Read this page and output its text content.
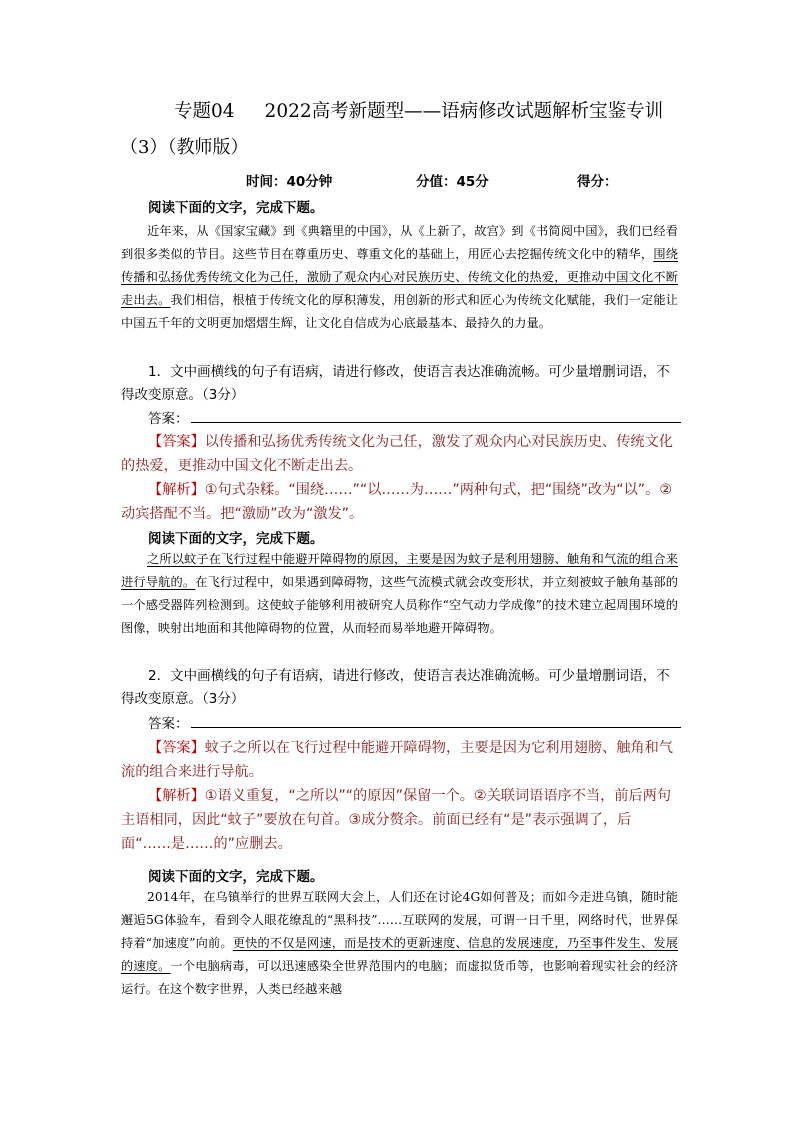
专题04 2022高考新题型——语病修改试题解析宝鉴专训
（3）（教师版）
时间：40分钟	分值：45分	得分：
阅读下面的文字，完成下题。

近年来，从《国家宝藏》到《典籍里的中国》，从《上新了，故宫》到《书简阅中国》，我们已经看到很多类似的节目。这些节目在尊重历史、尊重文化的基础上，用匠心去挖掘传统文化中的精华，围绕传播和弘扬优秀传统文化为己任，激励了观众内心对民族历史、传统文化的热爱，更推动中国文化不断走出去。我们相信，根植于传统文化的厚积薄发，用创新的形式和匠心为传统文化赋能，我们一定能让中国五千年的文明更加熠熠生辉，让文化自信成为心底最基本、最持久的力量。

1．文中画横线的句子有语病，请进行修改，使语言表达准确流畅。可少量增删词语，不得改变原意。（3分）

答案：

【答案】以传播和弘扬优秀传统文化为己任，激发了观众内心对民族历史、传统文化的热爱，更推动中国文化不断走出去。

【解析】①句式杂糅。“围绕……”“以……为……”两种句式，把“围绕”改为“以”。②动宾搭配不当。把“激励”改为“激发”。

阅读下面的文字，完成下题。

之所以蚊子在飞行过程中能避开障碍物的原因，主要是因为蚊子是利用翅膀、触角和气流的组合来进行导航的。在飞行过程中，如果遇到障碍物，这些气流模式就会改变形状，并立刻被蚊子触角基部的一个感受器阵列检测到。这使蚊子能够利用被研究人员称作“空气动力学成像”的技术建立起周围环境的图像，映射出地面和其他障碍物的位置，从而轻而易举地避开障碍物。

2．文中画横线的句子有语病，请进行修改，使语言表达准确流畅。可少量增删词语，不得改变原意。（3分）

答案：

【答案】蚊子之所以在飞行过程中能避开障碍物，主要是因为它利用翅膀、触角和气流的组合来进行导航。

【解析】①语义重复，“之所以”“的原因”保留一个。②关联词语语序不当，前后两句主语相同，因此“蚊子”要放在句首。③成分赘余。前面已经有“是”表示强调了，后面“……是……的”应删去。

阅读下面的文字，完成下题。

2014年，在乌镇举行的世界互联网大会上，人们还在讨论4G如何普及；而如今走进乌镇，随时能邂逅5G体验车，看到令人眼花缭乱的“黑科技”……互联网的发展，可谓一日千里，网络时代，世界保持着“加速度”向前。更快的不仅是网速，而是技术的更新速度、信息的发展速度，乃至事件发生、发展的速度。一个电脑病毒，可以迅速感染全世界范围内的电脑；而虚拟货币等，也影响着现实社会的经济运行。在这个数字世界，人类已经越来越
